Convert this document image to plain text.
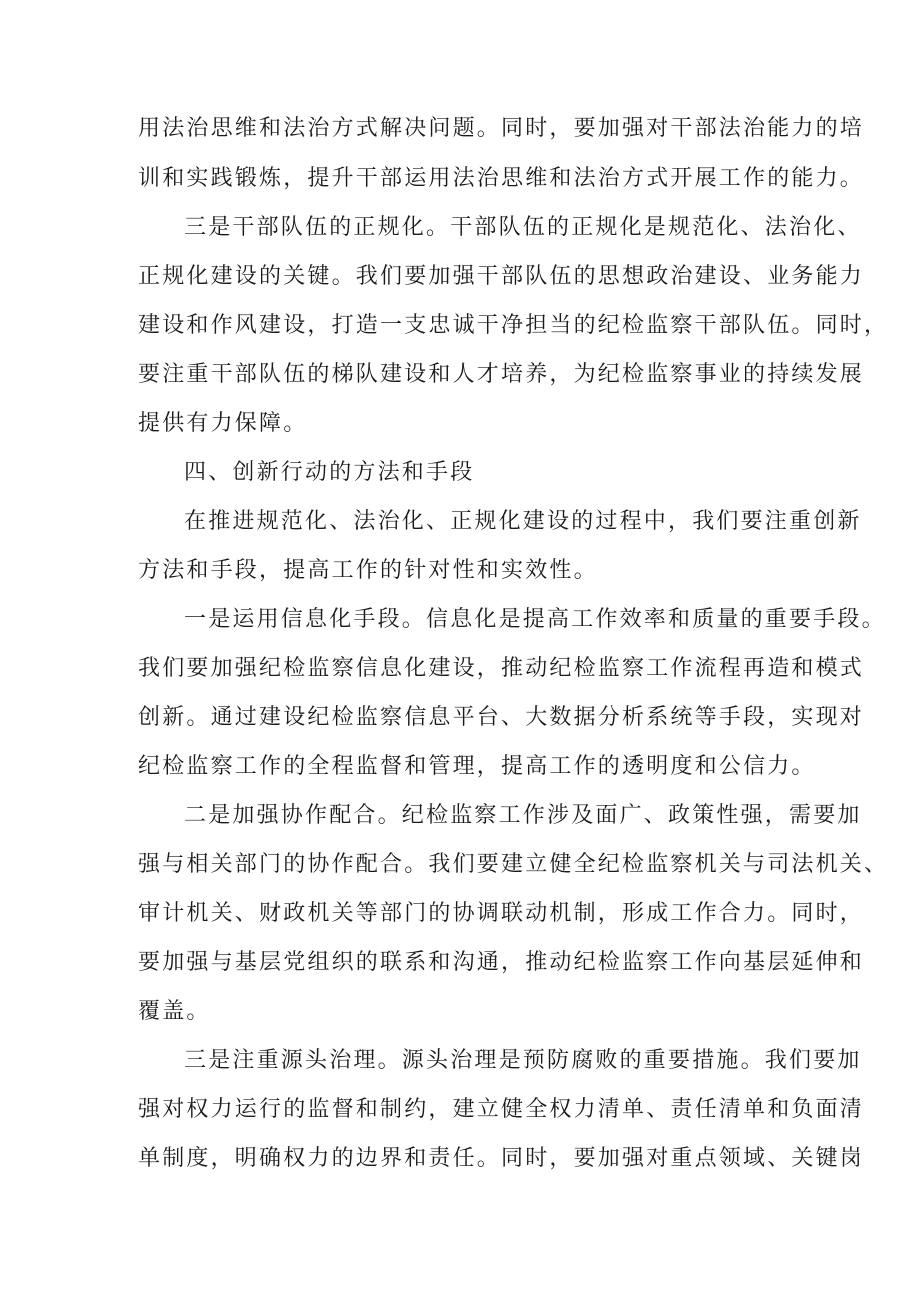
用法治思维和法治方式解决问题。同时，要加强对干部法治能力的培

训和实践锻炼，提升干部运用法治思维和法治方式开展工作的能力。

三是干部队伍的正规化。干部队伍的正规化是规范化、法治化、

正规化建设的关键。我们要加强干部队伍的思想政治建设、业务能力

建设和作风建设，打造一支忠诚干净担当的纪检监察干部队伍。同时，

要注重干部队伍的梯队建设和人才培养，为纪检监察事业的持续发展

提供有力保障。

四、创新行动的方法和手段

在推进规范化、法治化、正规化建设的过程中，我们要注重创新

方法和手段，提高工作的针对性和实效性。

一是运用信息化手段。信息化是提高工作效率和质量的重要手段。

我们要加强纪检监察信息化建设，推动纪检监察工作流程再造和模式

创新。通过建设纪检监察信息平台、大数据分析系统等手段，实现对

纪检监察工作的全程监督和管理，提高工作的透明度和公信力。

二是加强协作配合。纪检监察工作涉及面广、政策性强，需要加

强与相关部门的协作配合。我们要建立健全纪检监察机关与司法机关、

审计机关、财政机关等部门的协调联动机制，形成工作合力。同时，

要加强与基层党组织的联系和沟通，推动纪检监察工作向基层延伸和

覆盖。

三是注重源头治理。源头治理是预防腐败的重要措施。我们要加

强对权力运行的监督和制约，建立健全权力清单、责任清单和负面清

单制度，明确权力的边界和责任。同时，要加强对重点领域、关键岗
